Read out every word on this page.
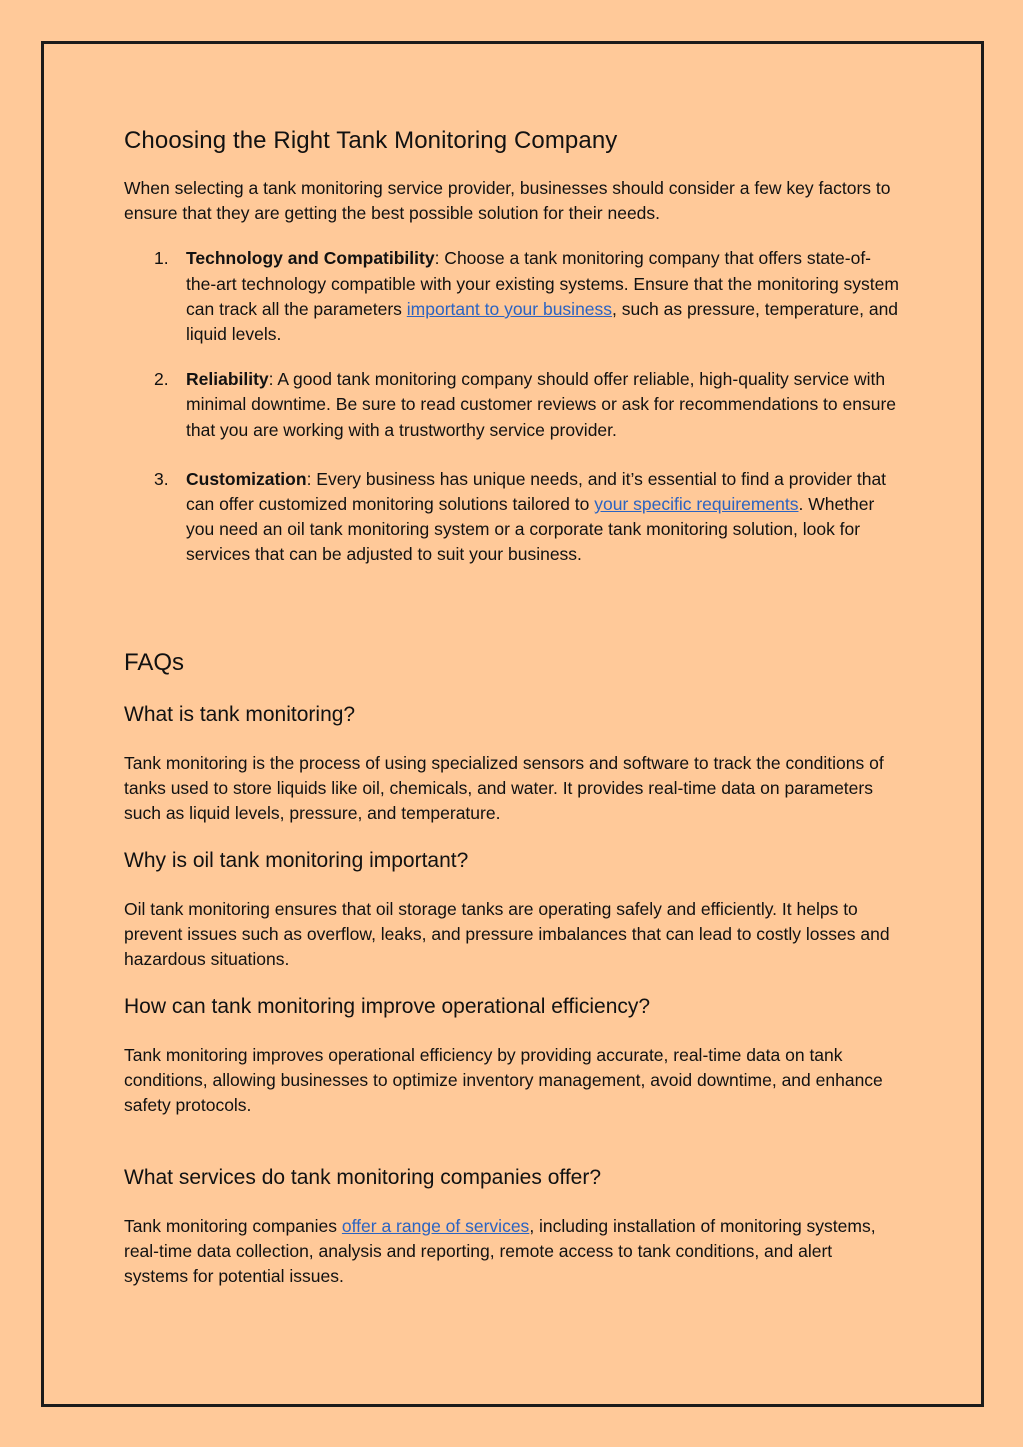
Choosing the Right Tank Monitoring Company

When selecting a tank monitoring service provider, businesses should consider a few key factors to ensure that they are getting the best possible solution for their needs.

1. Technology and Compatibility: Choose a tank monitoring company that offers state-of-the-art technology compatible with your existing systems. Ensure that the monitoring system can track all the parameters important to your business, such as pressure, temperature, and liquid levels.
2. Reliability: A good tank monitoring company should offer reliable, high-quality service with minimal downtime. Be sure to read customer reviews or ask for recommendations to ensure that you are working with a trustworthy service provider.
3. Customization: Every business has unique needs, and it’s essential to find a provider that can offer customized monitoring solutions tailored to your specific requirements. Whether you need an oil tank monitoring system or a corporate tank monitoring solution, look for services that can be adjusted to suit your business.
FAQs
What is tank monitoring?

Tank monitoring is the process of using specialized sensors and software to track the conditions of tanks used to store liquids like oil, chemicals, and water. It provides real-time data on parameters such as liquid levels, pressure, and temperature.

Why is oil tank monitoring important?

Oil tank monitoring ensures that oil storage tanks are operating safely and efficiently. It helps to prevent issues such as overflow, leaks, and pressure imbalances that can lead to costly losses and hazardous situations.

How can tank monitoring improve operational efficiency?

Tank monitoring improves operational efficiency by providing accurate, real-time data on tank conditions, allowing businesses to optimize inventory management, avoid downtime, and enhance safety protocols.

What services do tank monitoring companies offer?

Tank monitoring companies offer a range of services, including installation of monitoring systems, real-time data collection, analysis and reporting, remote access to tank conditions, and alert systems for potential issues.
